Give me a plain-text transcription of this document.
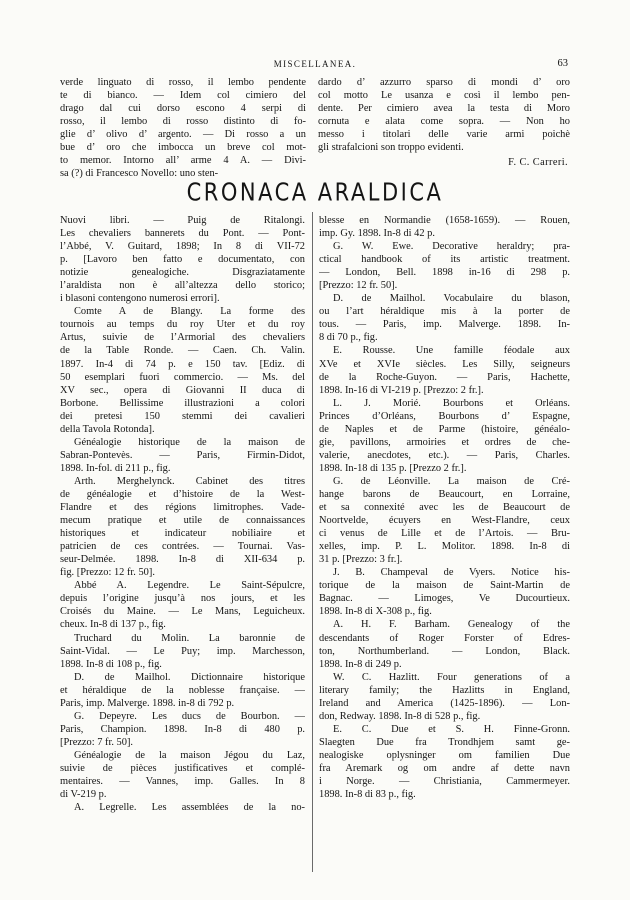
MISCELLANEA.	63
verde linguato di rosso, il lembo pendente
te di bianco. — Idem col cimiero del
drago dal cui dorso escono 4 serpi di
rosso, il lembo di rosso distinto di fo-
glie d’ olivo d’ argento. — Di rosso a un
bue d’ oro che imbocca un breve col mot-
to memor. Intorno all’ arme 4 A. — Divi-
sa (?) di Francesco Novello: uno sten-
dardo d’ azzurro sparso di mondi d’ oro
col motto Le usanza e così il lembo pen-
dente. Per cimiero avea la testa di Moro
cornuta e alata come sopra. — Non ho
messo i titolari delle varie armi poichè
gli strafalcioni son troppo evidenti.
F. C. Carreri.
CRONACA ARALDICA
Nuovi libri. — Puig de Ritalongi.
Les chevaliers bannerets du Pont. — Pont-
l’Abbé, V. Guitard, 1898; In 8 di VII-72
p. [Lavoro ben fatto e documentato, con
notizie genealogiche. Disgraziatamente
l’araldista non è all’altezza dello storico;
i blasoni contengono numerosi errori].
Comte A de Blangy. La forme des
tournois au temps du roy Uter et du roy
Artus, suivie de l’Armorial des chevaliers
de la Table Ronde. — Caen. Ch. Valin.
1897. In-4 di 74 p. e 150 tav. [Ediz. di
50 esemplari fuori commercio. — Ms. del
XV sec., opera di Giovanni II duca di
Borbone. Bellissime illustrazioni a colori
dei pretesi 150 stemmi dei cavalieri
della Tavola Rotonda].
Généalogie historique de la maison de
Sabran-Pontevès. — Paris, Firmin-Didot,
1898. In-fol. di 211 p., fig.
Arth. Merghelynck. Cabinet des titres
de généalogie et d’histoire de la West-
Flandre et des régions limitrophes. Vade-
mecum pratique et utile de connaissances
historiques et indicateur nobiliaire et
patricien de ces contrées. — Tournai. Vas-
seur-Delmée. 1898. In-8 di XII-634 p.
fig. [Prezzo: 12 fr. 50].
Abbé A. Legendre. Le Saint-Sépulcre,
depuis l’origine jusqu’à nos jours, et les
Croisés du Maine. — Le Mans, Leguicheux.
cheux. In-8 di 137 p., fig.
Truchard du Molin. La baronnie de
Saint-Vidal. — Le Puy; imp. Marchesson,
1898. In-8 di 108 p., fig.
D. de Mailhol. Dictionnaire historique
et héraldique de la noblesse française. —
Paris, imp. Malverge. 1898. in-8 di 792 p.
G. Depeyre. Les ducs de Bourbon. —
Paris, Champion. 1898. In-8 di 480 p.
[Prezzo: 7 fr. 50].
Généalogie de la maison Jégou du Laz,
suivie de pièces justificatives et complé-
mentaires. — Vannes, imp. Galles. In 8
di V-219 p.
A. Legrelle. Les assemblées de la no-
blesse en Normandie (1658-1659). — Rouen,
imp. Gy. 1898. In-8 di 42 p.
G. W. Ewe. Decorative heraldry; pra-
ctical handbook of its artistic treatment.
— London, Bell. 1898 in-16 di 298 p.
[Prezzo: 12 fr. 50].
D. de Mailhol. Vocabulaire du blason,
ou l’art héraldique mis à la porter de
tous. — Paris, imp. Malverge. 1898. In-
8 di 70 p., fig.
E. Rousse. Une famille féodale aux
XVe et XVIe siècles. Les Silly, seigneurs
de la Roche-Guyon. — Paris, Hachette,
1898. In-16 di VI-219 p. [Prezzo: 2 fr.].
L. J. Morié. Bourbons et Orléans.
Princes d’Orléans, Bourbons d’ Espagne,
de Naples et de Parme (histoire, généalo-
gie, pavillons, armoiries et ordres de che-
valerie, anecdotes, etc.). — Paris, Charles.
1898. In-18 di 135 p. [Prezzo 2 fr.].
G. de Léonville. La maison de Cré-
hange barons de Beaucourt, en Lorraine,
et sa connexité avec les de Beaucourt de
Noortvelde, écuyers en West-Flandre, ceux
ci venus de Lille et de l’Artois. — Bru-
xelles, imp. P. L. Molitor. 1898. In-8 di
31 p. [Prezzo: 3 fr.].
J. B. Champeval de Vyers. Notice his-
torique de la maison de Saint-Martin de
Bagnac. — Limoges, Ve Ducourtieux.
1898. In-8 di X-308 p., fig.
A. H. F. Barham. Genealogy of the
descendants of Roger Forster of Edres-
ton, Northumberland. — London, Black.
1898. In-8 di 249 p.
W. C. Hazlitt. Four generations of a
literary family; the Hazlitts in England,
Ireland and America (1425-1896). — Lon-
don, Redway. 1898. In-8 di 528 p., fig.
E. C. Due et S. H. Finne-Gronn.
Slaegten Due fra Trondhjem samt ge-
nealogiske oplysninger om familien Due
fra Aremark og om andre af dette navn
i Norge. — Christiania, Cammermeyer.
1898. In-8 di 83 p., fig.
